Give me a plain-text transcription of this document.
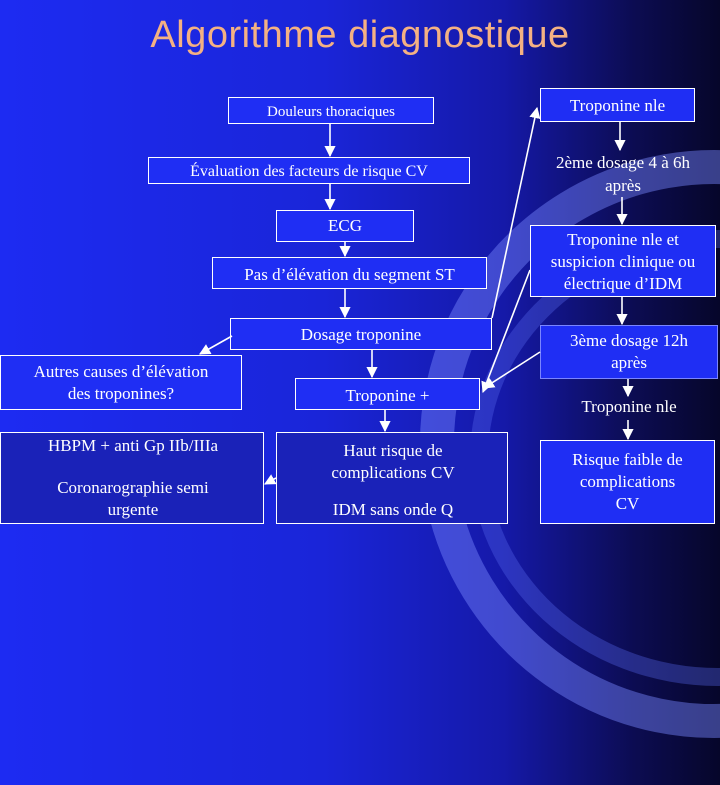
Algorithme diagnostique
Douleurs thoraciques
Évaluation des facteurs de risque CV
ECG
Pas d’élévation du segment ST
Dosage troponine
Autres causes d’élévation
des troponines?	Troponine +
HBPM + anti Gp IIb/IIIa
Coronarographie semi
urgente
Haut risque de
complications CV
IDM sans onde Q
Troponine nle
2ème dosage 4 à 6h
après
Troponine nle et
suspicion clinique ou
électrique d’IDM
3ème dosage 12h
après
Troponine nle
Risque faible de
complications
CV
